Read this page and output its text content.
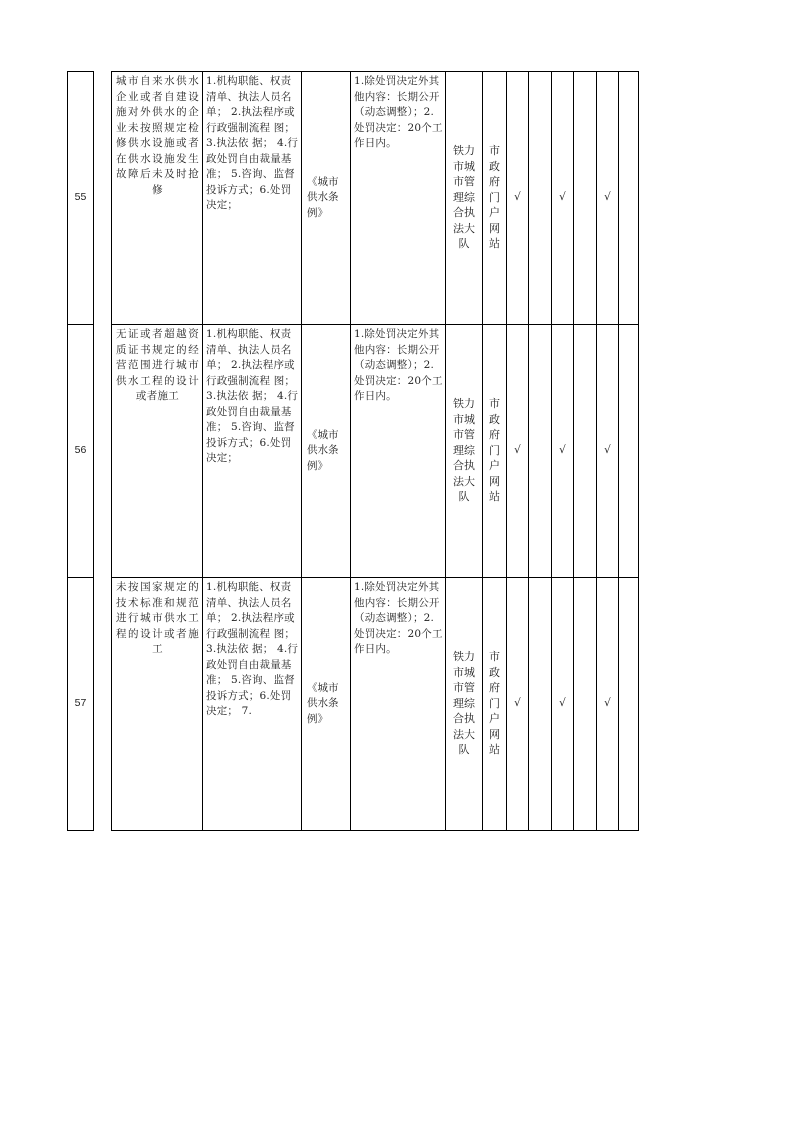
55		城市自来水供水企业或者自建设施对外供水的企业未按照规定检修供水设施或者在供水设施发生故障后未及时抢修	1.机构职能、权责清单、执法人员名单； 2.执法程序或行政强制流程 图； 3.执法依 据； 4.行政处罚自由裁量基准； 5.咨询、监督投诉方式；6.处罚决定；	《城市供水条例》	1.除处罚决定外其他内容：长期公开（动态调整）；2.处罚决定：20个工作日内。	铁力市城市管理综合执法大队	市政府门户网站	√		√		√	
56		无证或者超越资质证书规定的经营范围进行城市供水工程的设计或者施工	1.机构职能、权责清单、执法人员名单； 2.执法程序或行政强制流程 图； 3.执法依 据； 4.行政处罚自由裁量基准； 5.咨询、监督投诉方式；6.处罚决定；	《城市供水条例》	1.除处罚决定外其他内容：长期公开（动态调整）；2.处罚决定：20个工作日内。	铁力市城市管理综合执法大队	市政府门户网站	√		√		√	
57		未按国家规定的技术标准和规范进行城市供水工程的设计或者施工	1.机构职能、权责清单、执法人员名单； 2.执法程序或行政强制流程 图； 3.执法依 据； 4.行政处罚自由裁量基准； 5.咨询、监督投诉方式；6.处罚决定； 7.	《城市供水条例》	1.除处罚决定外其他内容：长期公开（动态调整）；2.处罚决定：20个工作日内。	铁力市城市管理综合执法大队	市政府门户网站	√		√		√	
